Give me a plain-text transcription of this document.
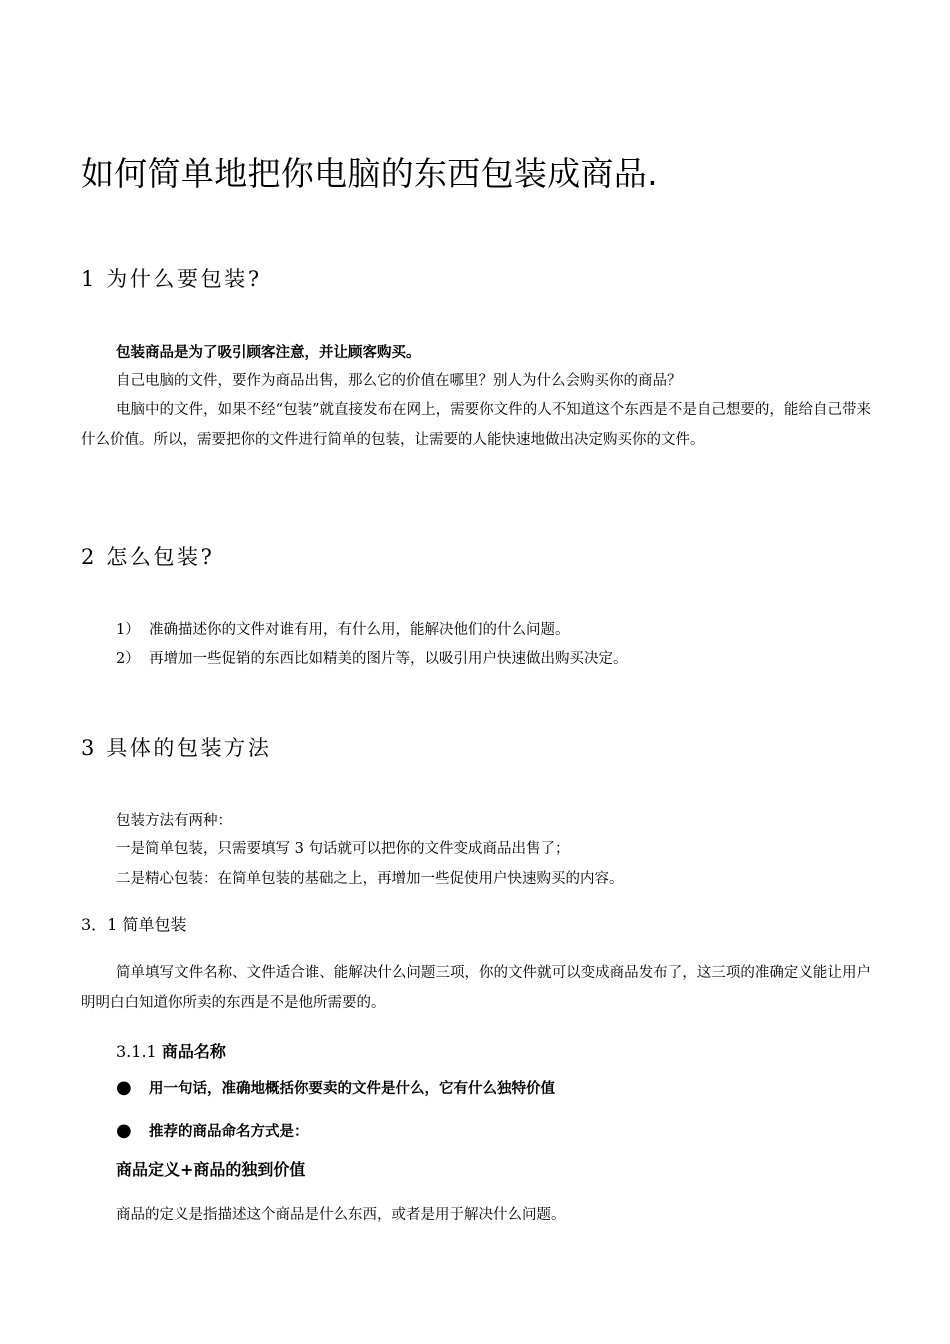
如何简单地把你电脑的东西包装成商品.
1 为什么要包装?
包装商品是为了吸引顾客注意，并让顾客购买。
自己电脑的文件，要作为商品出售，那么它的价值在哪里？别人为什么会购买你的商品？
电脑中的文件，如果不经“包装”就直接发布在网上，需要你文件的人不知道这个东西是不是自己想要的，能给自己带来什么价值。所以，需要把你的文件进行简单的包装，让需要的人能快速地做出决定购买你的文件。
2 怎么包装?
1） 准确描述你的文件对谁有用，有什么用，能解决他们的什么问题。
2） 再增加一些促销的东西比如精美的图片等，以吸引用户快速做出购买决定。
3 具体的包装方法
包装方法有两种：
一是简单包装，只需要填写 3 句话就可以把你的文件变成商品出售了；
二是精心包装：在简单包装的基础之上，再增加一些促使用户快速购买的内容。
3．1 简单包装
简单填写文件名称、文件适合谁、能解决什么问题三项，你的文件就可以变成商品发布了，这三项的准确定义能让用户明明白白知道你所卖的东西是不是他所需要的。
3.1.1 商品名称
● 用一句话，准确地概括你要卖的文件是什么，它有什么独特价值
● 推荐的商品命名方式是：
商品定义+商品的独到价值
商品的定义是指描述这个商品是什么东西，或者是用于解决什么问题。
